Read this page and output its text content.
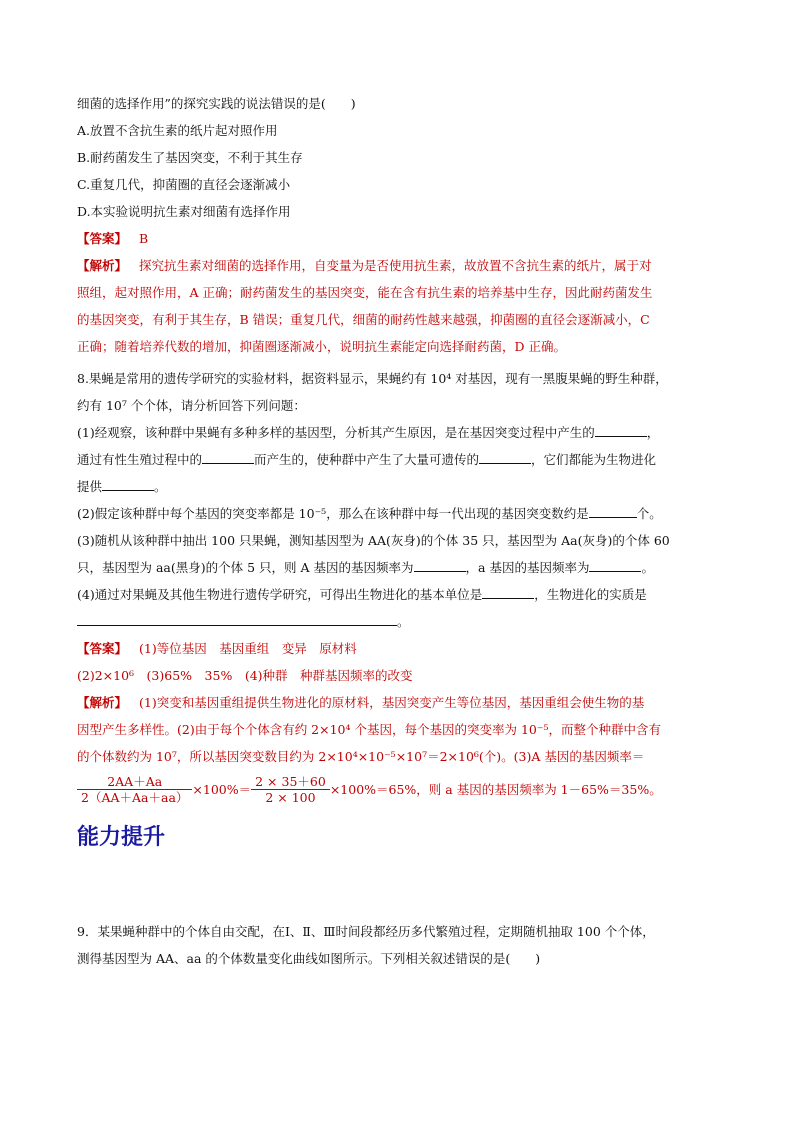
细菌的选择作用”的探究实践的说法错误的是(　　)
A.放置不含抗生素的纸片起对照作用
B.耐药菌发生了基因突变，不利于其生存
C.重复几代，抑菌圈的直径会逐渐减小
D.本实验说明抗生素对细菌有选择作用
【答案】 B
【解析】 探究抗生素对细菌的选择作用，自变量为是否使用抗生素，故放置不含抗生素的纸片，属于对
照组，起对照作用，A 正确；耐药菌发生的基因突变，能在含有抗生素的培养基中生存，因此耐药菌发生
的基因突变，有利于其生存，B 错误；重复几代，细菌的耐药性越来越强，抑菌圈的直径会逐渐减小，C
正确；随着培养代数的增加，抑菌圈逐渐减小，说明抗生素能定向选择耐药菌，D 正确。
8.果蝇是常用的遗传学研究的实验材料，据资料显示，果蝇约有 10⁴ 对基因，现有一黑腹果蝇的野生种群，
约有 10⁷ 个个体，请分析回答下列问题：
(1)经观察，该种群中果蝇有多种多样的基因型，分析其产生原因，是在基因突变过程中产生的	，
通过有性生殖过程中的	而产生的，使种群中产生了大量可遗传的	，它们都能为生物进化
提供	。
(2)假定该种群中每个基因的突变率都是 10⁻⁵，那么在该种群中每一代出现的基因突变数约是	个。
(3)随机从该种群中抽出 100 只果蝇，测知基因型为 AA(灰身)的个体 35 只，基因型为 Aa(灰身)的个体 60
只，基因型为 aa(黑身)的个体 5 只，则 A 基因的基因频率为	，a 基因的基因频率为	。
(4)通过对果蝇及其他生物进行遗传学研究，可得出生物进化的基本单位是	，生物进化的实质是
。
【答案】 (1)等位基因　基因重组　变异　原材料
(2)2×10⁶　(3)65%　35%　(4)种群　种群基因频率的改变
【解析】 (1)突变和基因重组提供生物进化的原材料，基因突变产生等位基因，基因重组会使生物的基
因型产生多样性。(2)由于每个个体含有约 2×10⁴ 个基因，每个基因的突变率为 10⁻⁵，而整个种群中含有
的个体数约为 10⁷，所以基因突变数目约为 2×10⁴×10⁻⁵×10⁷＝2×10⁶(个)。(3)A 基因的基因频率＝
$\frac{2AA+Aa}{2(AA+Aa+aa)} \times 100\%= \frac{2 \times 35+60}{2 \times 100} \times 100\%=65\%$，则 a 基因的基因频率为 1－65%＝35%。
能力提升
9．某果蝇种群中的个体自由交配，在Ⅰ、Ⅱ、Ⅲ时间段都经历多代繁殖过程，定期随机抽取 100 个个体，
测得基因型为 AA、aa 的个体数量变化曲线如图所示。下列相关叙述错误的是(　　)
